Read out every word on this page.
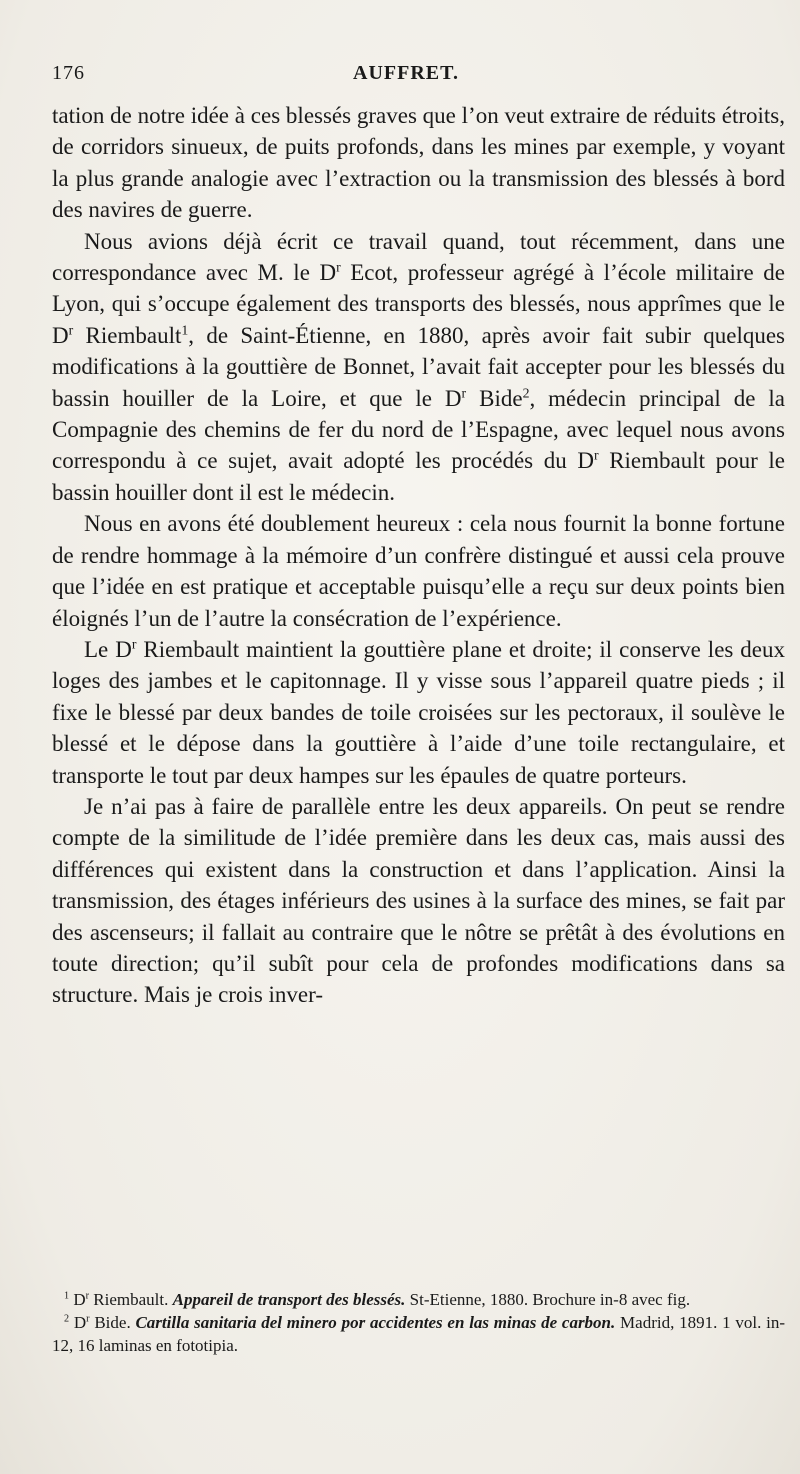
176	AUFFRET.

tation de notre idée à ces blessés graves que l’on veut extraire de réduits étroits, de corridors sinueux, de puits profonds, dans les mines par exemple, y voyant la plus grande analogie avec l’extraction ou la transmission des blessés à bord des navires de guerre.

Nous avions déjà écrit ce travail quand, tout récemment, dans une correspondance avec M. le $D^r$ Ecot, professeur agrégé à l’école militaire de Lyon, qui s’occupe également des transports des blessés, nous apprîmes que le $D^r$ Riembault$^1$, de Saint-Étienne, en 1880, après avoir fait subir quelques modifications à la gouttière de Bonnet, l’avait fait accepter pour les blessés du bassin houiller de la Loire, et que le $D^r$ Bide$^2$, médecin principal de la Compagnie des chemins de fer du nord de l’Espagne, avec lequel nous avons correspondu à ce sujet, avait adopté les procédés du $D^r$ Riembault pour le bassin houiller dont il est le médecin.

Nous en avons été doublement heureux : cela nous fournit la bonne fortune de rendre hommage à la mémoire d’un confrère distingué et aussi cela prouve que l’idée en est pratique et acceptable puisqu’elle a reçu sur deux points bien éloignés l’un de l’autre la consécration de l’expérience.

Le $D^r$ Riembault maintient la gouttière plane et droite; il conserve les deux loges des jambes et le capitonnage. Il y visse sous l’appareil quatre pieds ; il fixe le blessé par deux bandes de toile croisées sur les pectoraux, il soulève le blessé et le dépose dans la gouttière à l’aide d’une toile rectangulaire, et transporte le tout par deux hampes sur les épaules de quatre porteurs.

Je n’ai pas à faire de parallèle entre les deux appareils. On peut se rendre compte de la similitude de l’idée première dans les deux cas, mais aussi des différences qui existent dans la construction et dans l’application. Ainsi la transmission, des étages inférieurs des usines à la surface des mines, se fait par des ascenseurs; il fallait au contraire que le nôtre se prêtât à des évolutions en toute direction; qu’il subît pour cela de profondes modifications dans sa structure. Mais je crois inver-

$^1$ $D^r$ Riembault. Appareil de transport des blessés. St-Etienne, 1880. Brochure in-8 avec fig.

$^2$ $D^r$ Bide. Cartilla sanitaria del minero por accidentes en las minas de carbon. Madrid, 1891. 1 vol. in-12, 16 laminas en fototipia.
